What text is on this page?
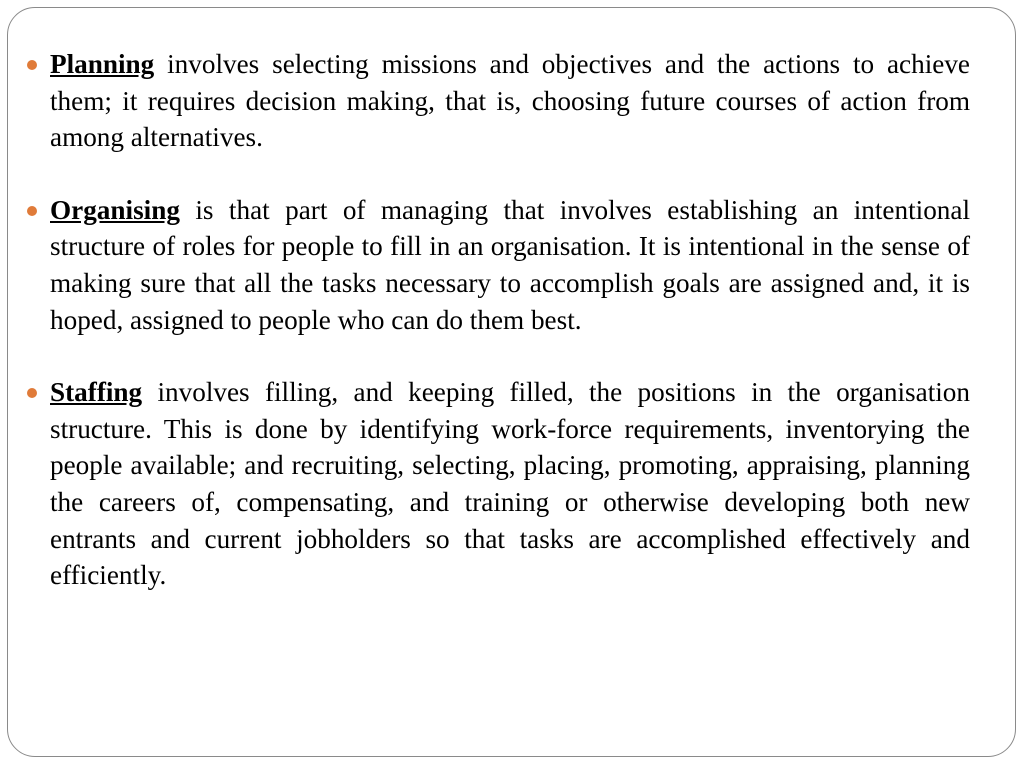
Planning involves selecting missions and objectives and the actions to achieve them; it requires decision making, that is, choosing future courses of action from among alternatives.

Organising is that part of managing that involves establishing an intentional structure of roles for people to fill in an organisation. It is intentional in the sense of making sure that all the tasks necessary to accomplish goals are assigned and, it is hoped, assigned to people who can do them best.

Staffing involves filling, and keeping filled, the positions in the organisation structure. This is done by identifying work-force requirements, inventorying the people available; and recruiting, selecting, placing, promoting, appraising, planning the careers of, compensating, and training or otherwise developing both new entrants and current jobholders so that tasks are accomplished effectively and efficiently.
